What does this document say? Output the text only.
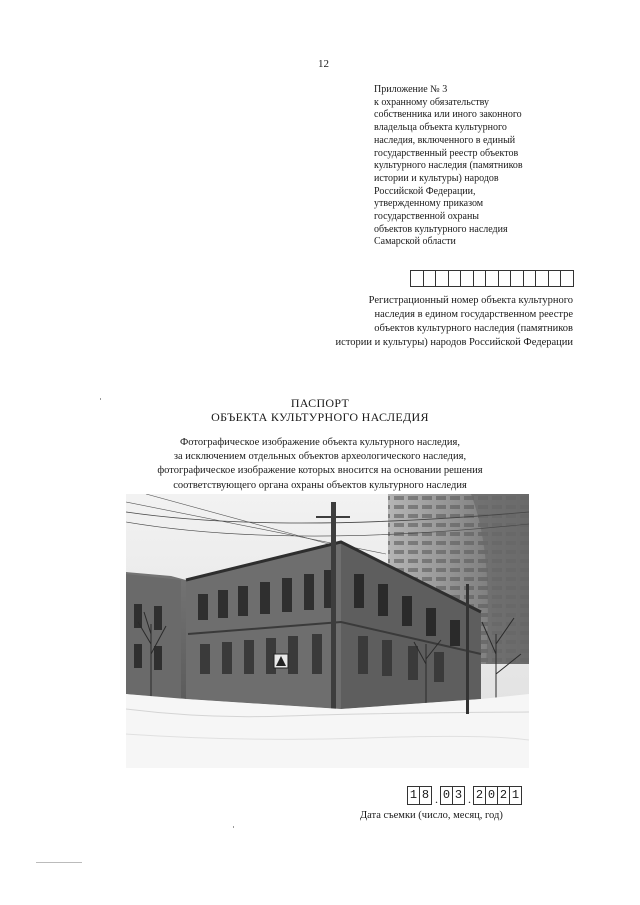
12
Приложение № 3
к охранному обязательству
собственника или иного законного
владельца объекта культурного
наследия, включенного в единый
государственный реестр объектов
культурного наследия (памятников
истории и культуры) народов
Российской Федерации,
утвержденному приказом
государственной охраны
объектов культурного наследия
Самарской области
Регистрационный номер объекта культурного
наследия в едином государственном реестре
объектов культурного наследия (памятников
истории и культуры) народов Российской Федерации
ПАСПОРТ
ОБЪЕКТА КУЛЬТУРНОГО НАСЛЕДИЯ
Фотографическое изображение объекта культурного наследия,
за исключением отдельных объектов археологического наследия,
фотографическое изображение которых вносится на основании решения
соответствующего органа охраны объектов культурного наследия
1 8 . 0 3 . 2 0 2 1
Дата съемки (число, месяц, год)
